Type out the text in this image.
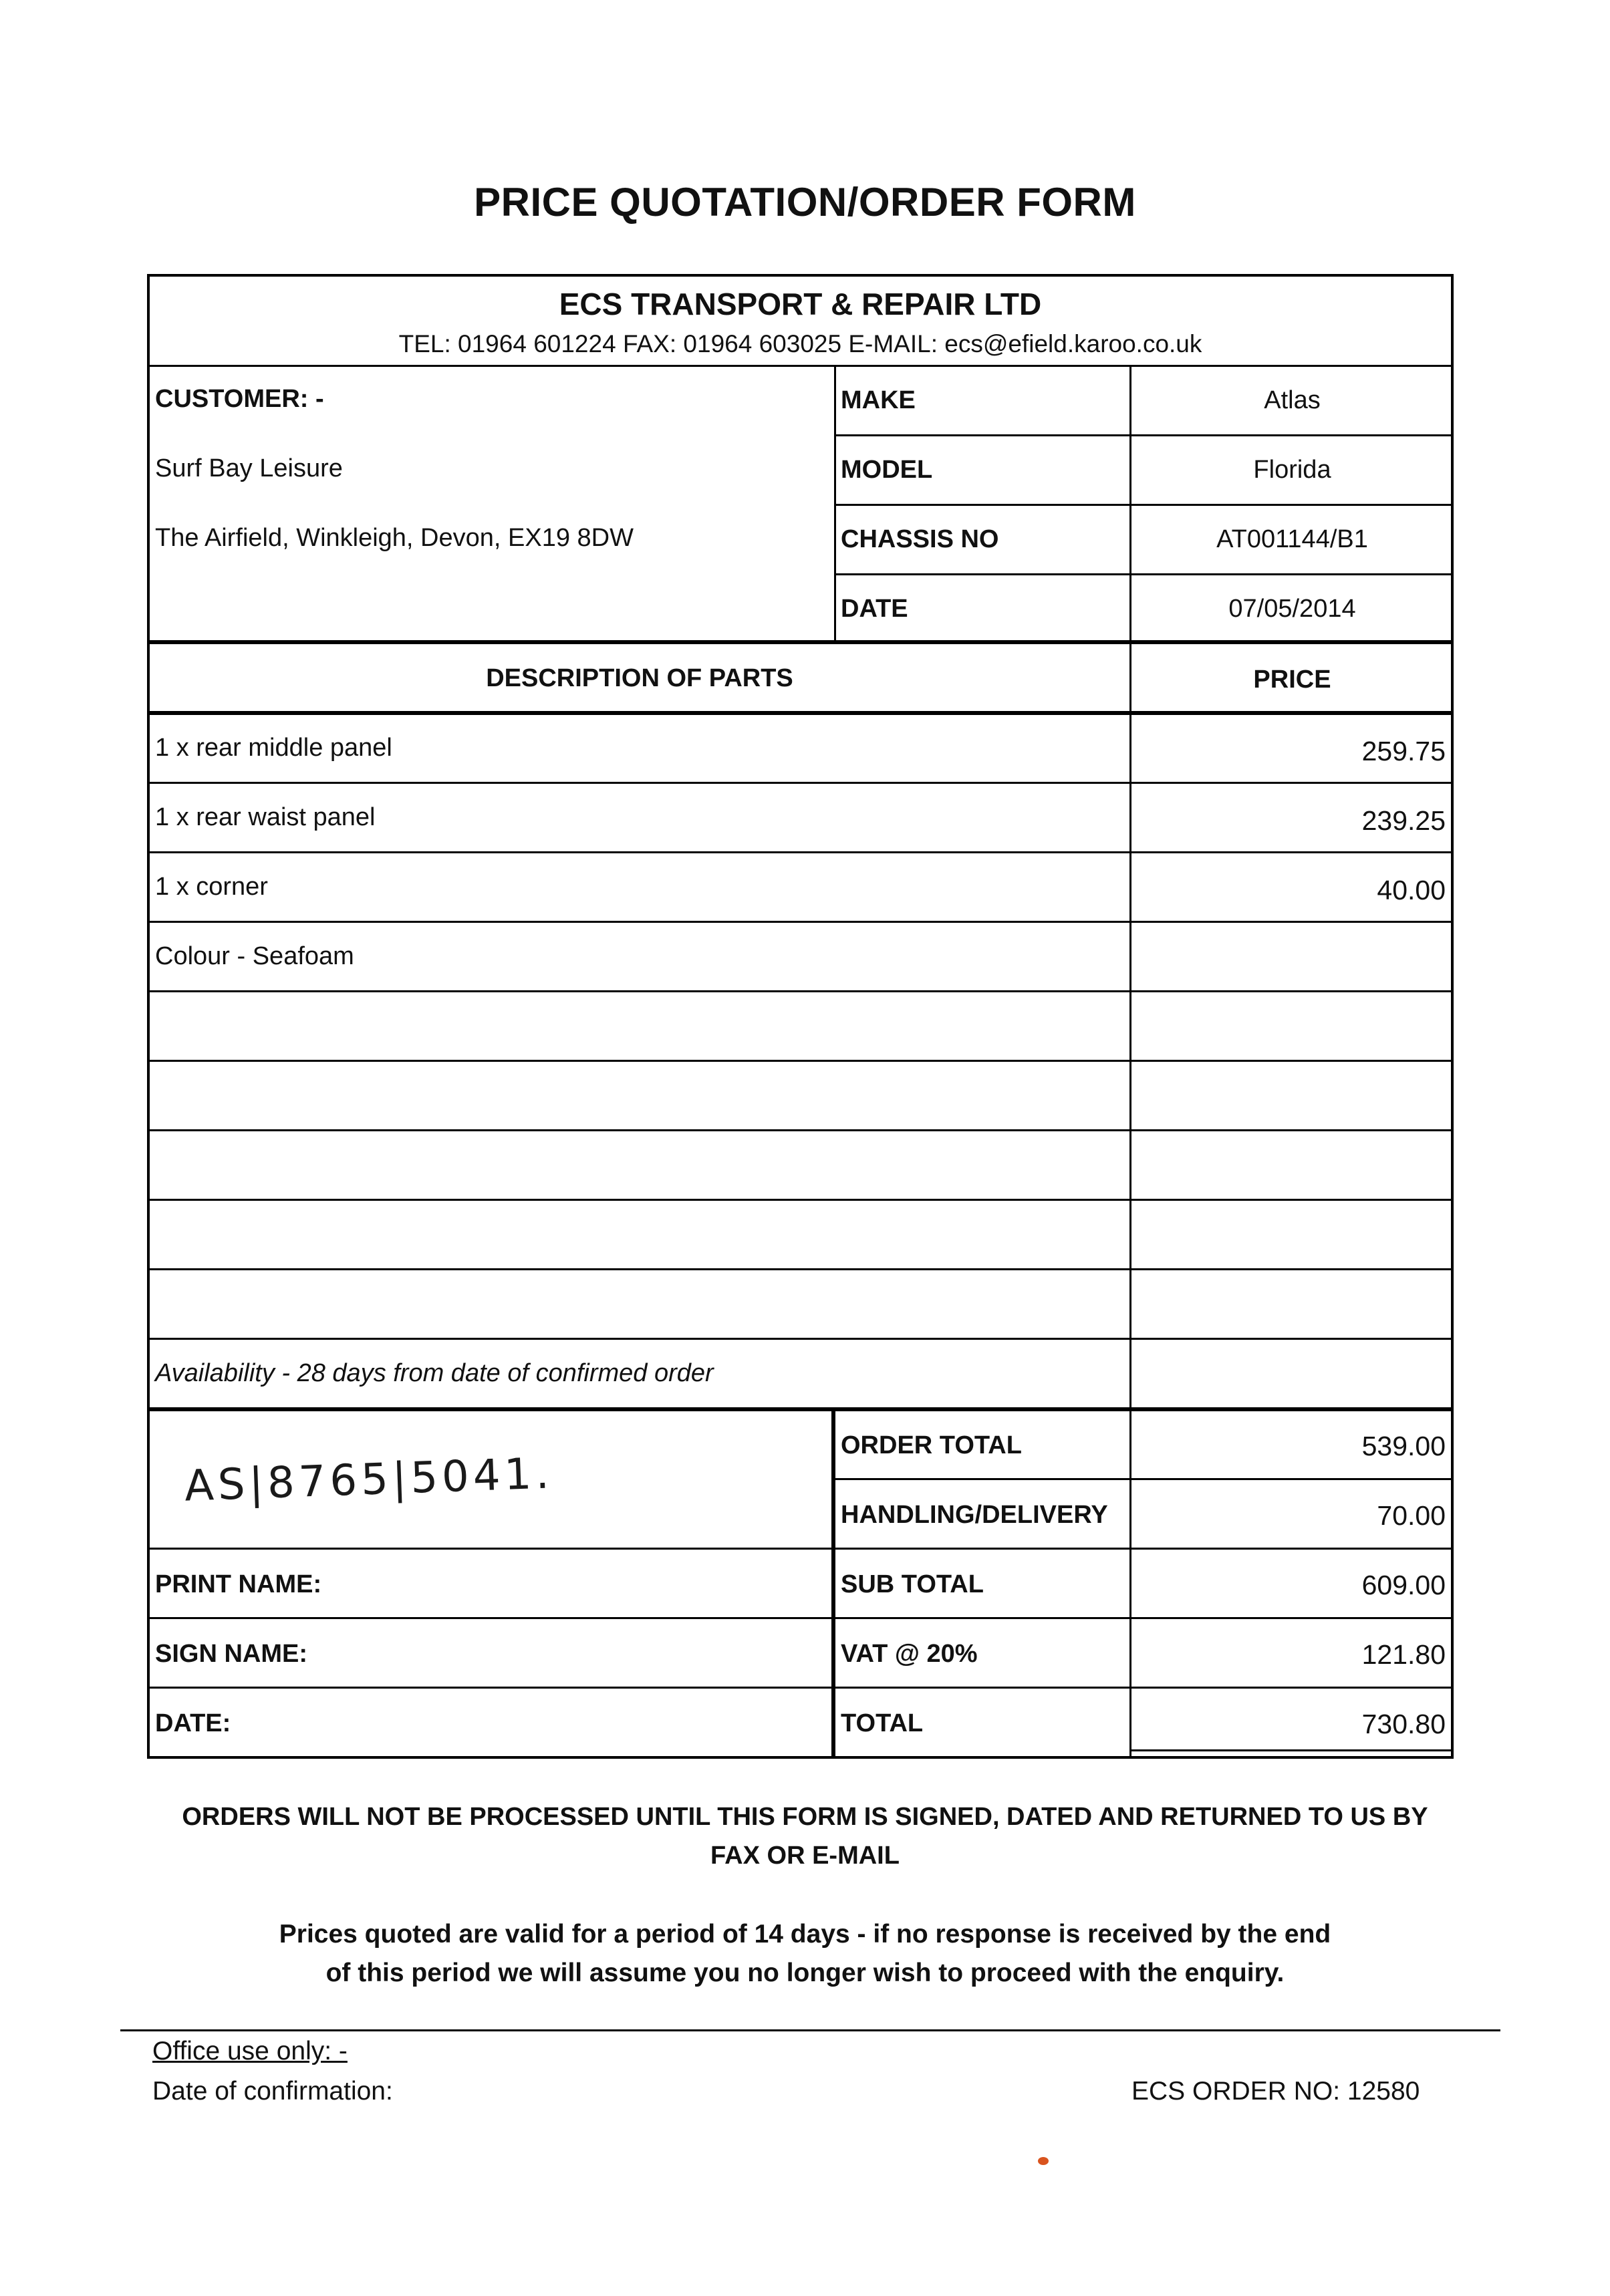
PRICE QUOTATION/ORDER FORM
ECS TRANSPORT & REPAIR LTD
TEL: 01964 601224 FAX: 01964 603025 E-MAIL: ecs@efield.karoo.co.uk
CUSTOMER: -
Surf Bay Leisure
The Airfield, Winkleigh, Devon, EX19 8DW
MAKE	Atlas
MODEL	Florida
CHASSIS NO	AT001144/B1
DATE	07/05/2014
DESCRIPTION OF PARTS	PRICE
1 x rear middle panel	259.75
1 x rear waist panel	239.25
1 x corner	40.00
Colour - Seafoam
Availability - 28 days from date of confirmed order
ORDER TOTAL	539.00
HANDLING/DELIVERY	70.00
SUB TOTAL	609.00
VAT @ 20%	121.80
TOTAL	730.80
PRINT NAME:
SIGN NAME:
DATE:
AS|8765|5041.
ORDERS WILL NOT BE PROCESSED UNTIL THIS FORM IS SIGNED, DATED AND RETURNED TO US BY
FAX OR E-MAIL
Prices quoted are valid for a period of 14 days - if no response is received by the end
of this period we will assume you no longer wish to proceed with the enquiry.
Office use only: -
Date of confirmation:	ECS ORDER NO: 12580
